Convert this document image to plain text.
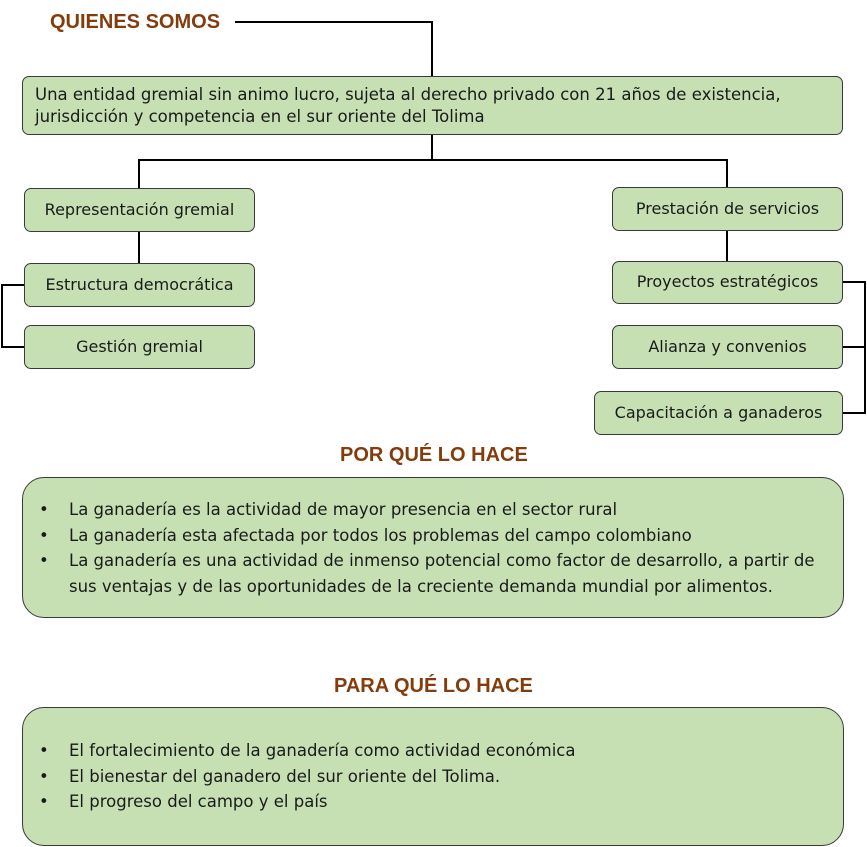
QUIENES SOMOS
Una entidad gremial sin animo lucro, sujeta al derecho privado con 21 años de existencia,
jurisdicción y competencia en el sur oriente del Tolima
Representación gremial
Estructura democrática
Gestión gremial
Prestación de servicios
Proyectos estratégicos
Alianza y convenios
Capacitación a ganaderos
POR QUÉ LO HACE
• La ganadería es la actividad de mayor presencia en el sector rural
• La ganadería esta afectada por todos los problemas del campo colombiano
• La ganadería es una actividad de inmenso potencial como factor de desarrollo, a partir de sus ventajas y de las oportunidades de la creciente demanda mundial por alimentos.
PARA QUÉ LO HACE
• El fortalecimiento de la ganadería como actividad económica
• El bienestar del ganadero del sur oriente del Tolima.
• El progreso del campo y el país
